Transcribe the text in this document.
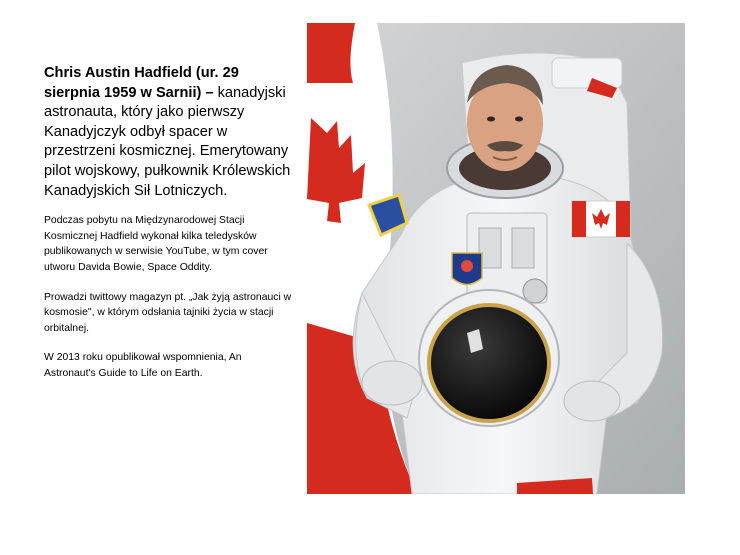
Chris Austin Hadfield (ur. 29 sierpnia 1959 w Sarnii) – kanadyjski astronauta, który jako pierwszy Kanadyjczyk odbył spacer w przestrzeni kosmicznej. Emerytowany pilot wojskowy, pułkownik Królewskich Kanadyjskich Sił Lotniczych.

Podczas pobytu na Międzynarodowej Stacji Kosmicznej Hadfield wykonał kilka teledysków publikowanych w serwisie YouTube, w tym cover utworu Davida Bowie, Space Oddity.

Prowadzi twittowy magazyn pt. „Jak żyją astronauci w kosmosie", w którym odsłania tajniki życia w stacji orbitalnej.

W 2013 roku opublikował wspomnienia, An Astronaut's Guide to Life on Earth.
